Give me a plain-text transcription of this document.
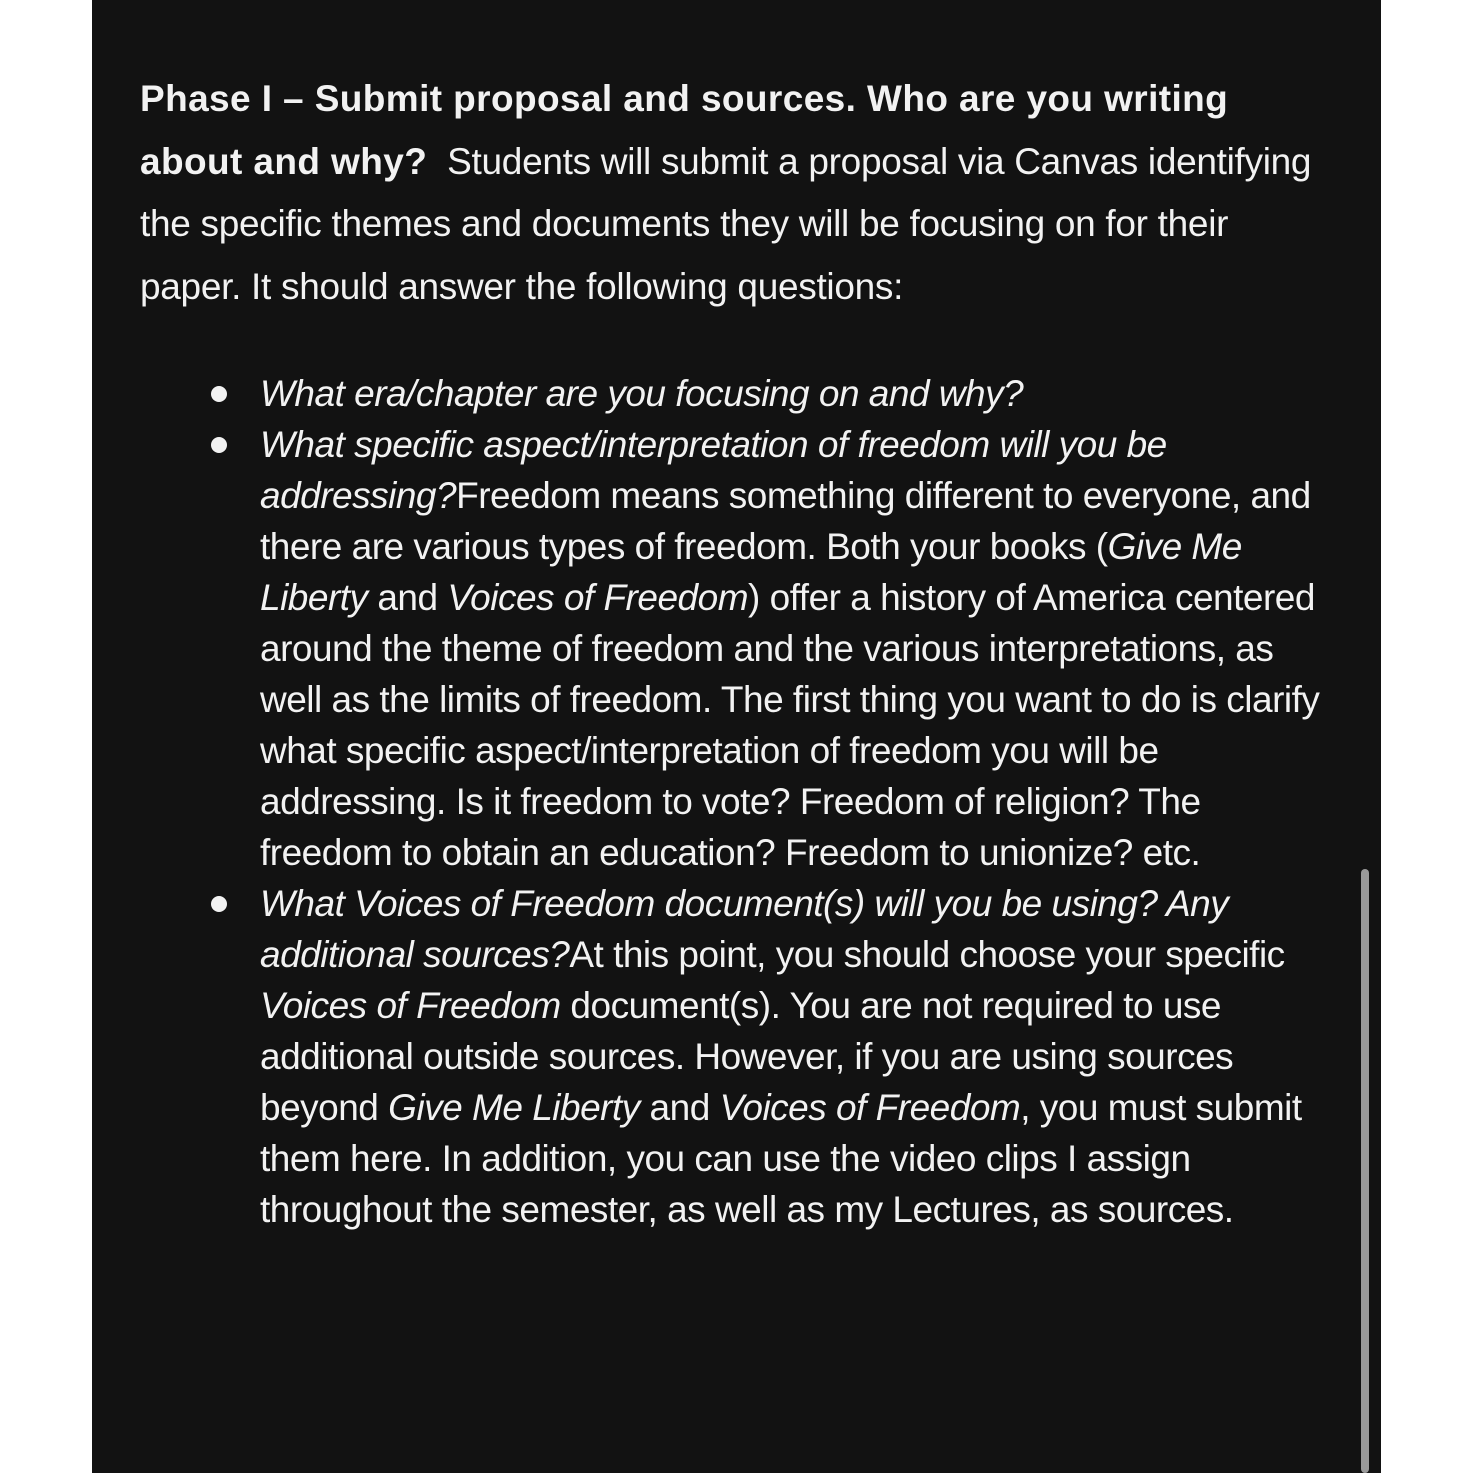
Phase I – Submit proposal and sources. Who are you writing about and why? Students will submit a proposal via Canvas identifying the specific themes and documents they will be focusing on for their paper. It should answer the following questions:

What era/chapter are you focusing on and why?
What specific aspect/interpretation of freedom will you be addressing?Freedom means something different to everyone, and there are various types of freedom. Both your books (Give Me Liberty and Voices of Freedom) offer a history of America centered around the theme of freedom and the various interpretations, as well as the limits of freedom. The first thing you want to do is clarify what specific aspect/interpretation of freedom you will be addressing. Is it freedom to vote? Freedom of religion? The freedom to obtain an education? Freedom to unionize? etc.
What Voices of Freedom document(s) will you be using? Any additional sources?At this point, you should choose your specific Voices of Freedom document(s). You are not required to use additional outside sources. However, if you are using sources beyond Give Me Liberty and Voices of Freedom, you must submit them here. In addition, you can use the video clips I assign throughout the semester, as well as my Lectures, as sources.
